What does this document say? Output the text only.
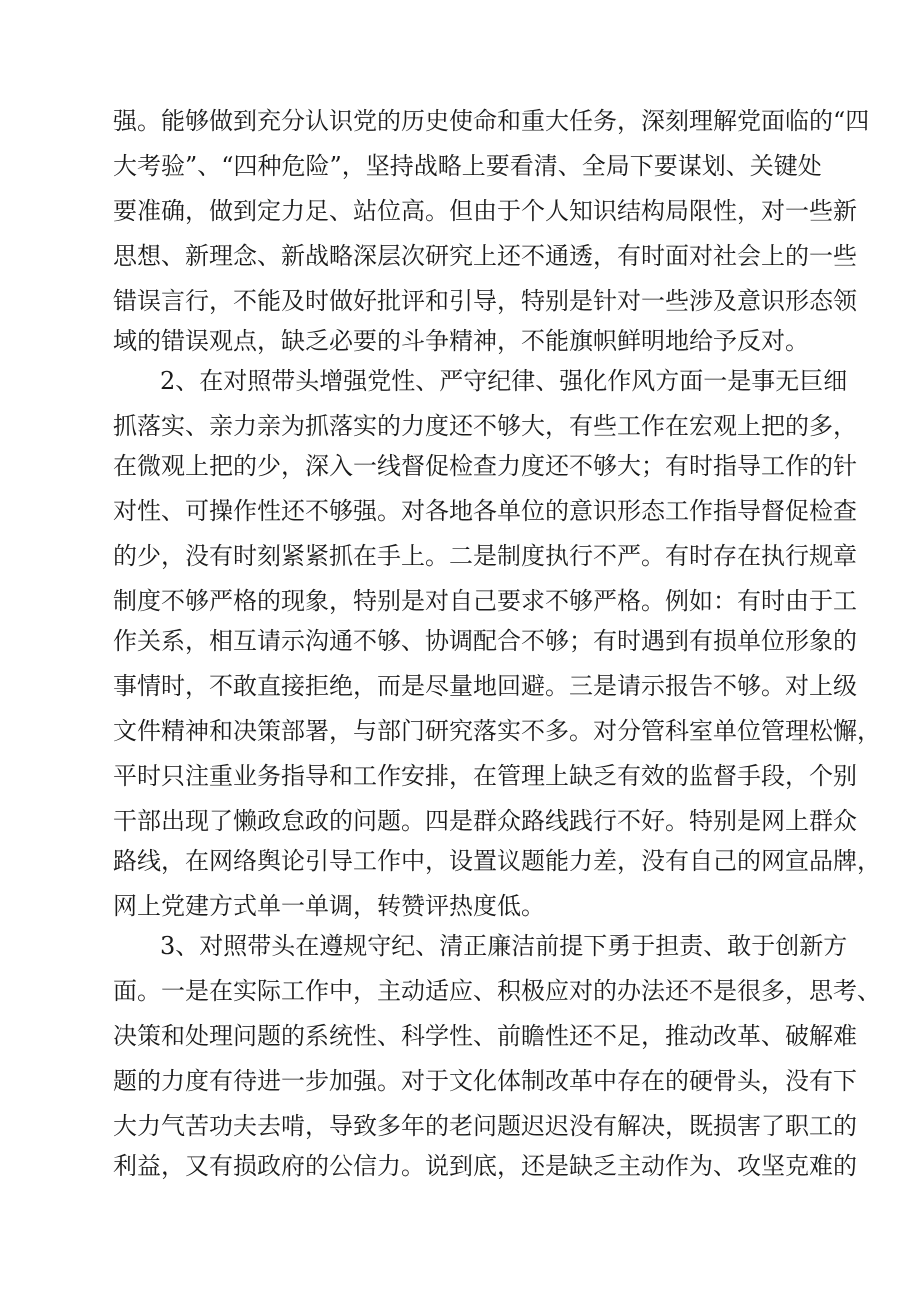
强。能够做到充分认识党的历史使命和重大任务，深刻理解党面临的“四
大考验”、“四种危险”，坚持战略上要看清、全局下要谋划、关键处
要准确，做到定力足、站位高。但由于个人知识结构局限性，对一些新
思想、新理念、新战略深层次研究上还不通透，有时面对社会上的一些
错误言行，不能及时做好批评和引导，特别是针对一些涉及意识形态领
域的错误观点，缺乏必要的斗争精神，不能旗帜鲜明地给予反对。
2、在对照带头增强党性、严守纪律、强化作风方面一是事无巨细
抓落实、亲力亲为抓落实的力度还不够大，有些工作在宏观上把的多，
在微观上把的少，深入一线督促检查力度还不够大；有时指导工作的针
对性、可操作性还不够强。对各地各单位的意识形态工作指导督促检查
的少，没有时刻紧紧抓在手上。二是制度执行不严。有时存在执行规章
制度不够严格的现象，特别是对自己要求不够严格。例如：有时由于工
作关系，相互请示沟通不够、协调配合不够；有时遇到有损单位形象的
事情时，不敢直接拒绝，而是尽量地回避。三是请示报告不够。对上级
文件精神和决策部署，与部门研究落实不多。对分管科室单位管理松懈，
平时只注重业务指导和工作安排，在管理上缺乏有效的监督手段，个别
干部出现了懒政怠政的问题。四是群众路线践行不好。特别是网上群众
路线，在网络舆论引导工作中，设置议题能力差，没有自己的网宣品牌，
网上党建方式单一单调，转赞评热度低。
3、对照带头在遵规守纪、清正廉洁前提下勇于担责、敢于创新方
面。一是在实际工作中，主动适应、积极应对的办法还不是很多，思考、
决策和处理问题的系统性、科学性、前瞻性还不足，推动改革、破解难
题的力度有待进一步加强。对于文化体制改革中存在的硬骨头，没有下
大力气苦功夫去啃，导致多年的老问题迟迟没有解决，既损害了职工的
利益，又有损政府的公信力。说到底，还是缺乏主动作为、攻坚克难的
